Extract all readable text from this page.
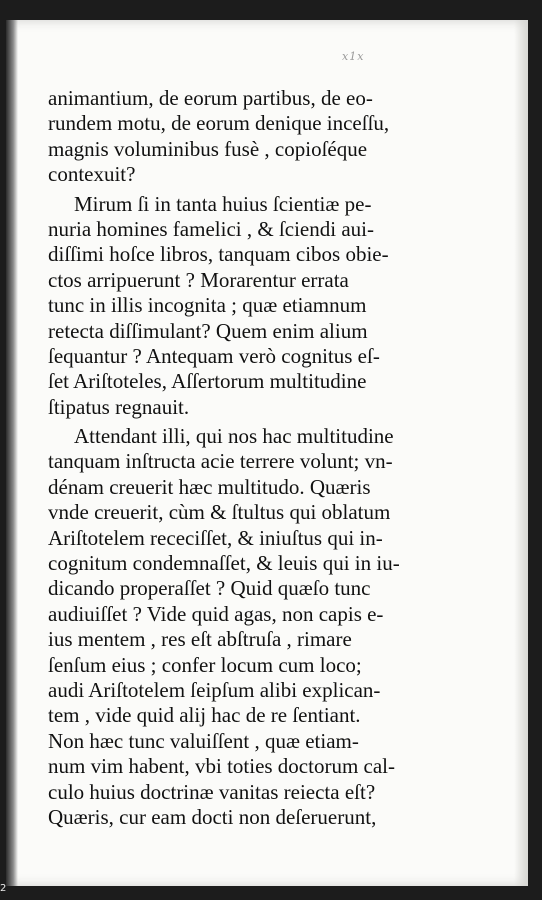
x1x
animantium, de eorum partibus, de eo-
rundem motu, de eorum denique inceſſu,
magnis voluminibus fusè , copioſéque
contexuit?
Mirum ſi in tanta huius ſcientiæ pe-
nuria homines famelici , & ſciendi aui-
diſſimi hoſce libros, tanquam cibos obie-
ctos arripuerunt ? Morarentur errata
tunc in illis incognita ; quæ etiamnum
retecta diſſimulant? Quem enim alium
ſequantur ? Antequam verò cognitus eſ-
ſet Ariſtoteles, Aſſertorum multitudine
ſtipatus regnauit.
Attendant illi, qui nos hac multitudine
tanquam inſtructa acie terrere volunt; vn-
dénam creuerit hæc multitudo. Quæris
vnde creuerit, cùm & ſtultus qui oblatum
Ariſtotelem receciſſet, & iniuſtus qui in-
cognitum condemnaſſet, & leuis qui in iu-
dicando properaſſet ? Quid quæſo tunc
audiuiſſet ? Vide quid agas, non capis e-
ius mentem , res eſt abſtruſa , rimare
ſenſum eius ; confer locum cum loco;
audi Ariſtotelem ſeipſum alibi explican-
tem , vide quid alij hac de re ſentiant.
Non hæc tunc valuiſſent , quæ etiam-
num vim habent, vbi toties doctorum cal-
culo huius doctrinæ vanitas reiecta eſt?
Quæris, cur eam docti non deſeruerunt,
2
